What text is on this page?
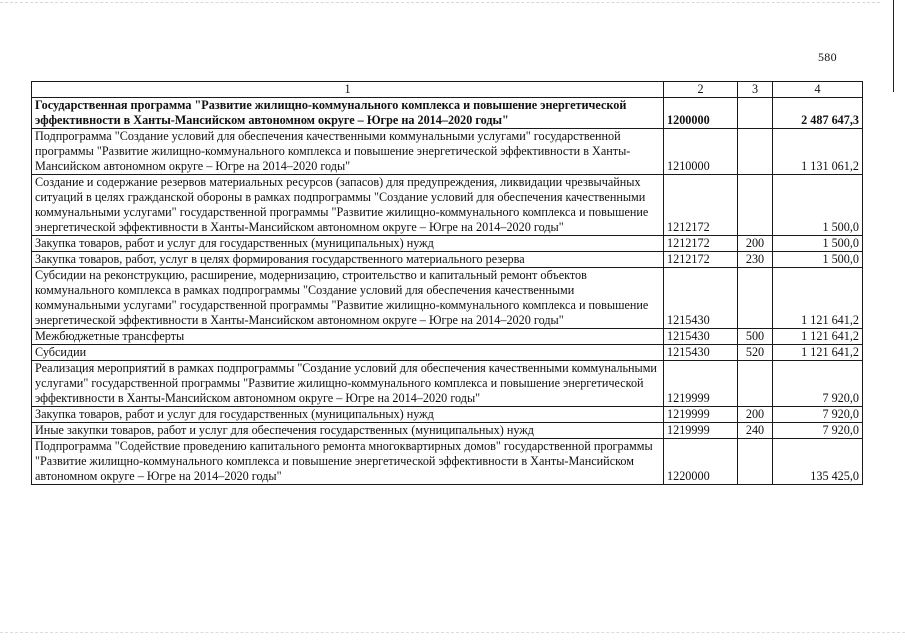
580
1	2	3	4
Государственная программа "Развитие жилищно-коммунального комплекса и повышение энергетической эффективности в Ханты-Мансийском автономном округе – Югре на 2014–2020 годы"	1200000		2 487 647,3
Подпрограмма "Создание условий для обеспечения качественными коммунальными услугами" государственной программы "Развитие жилищно-коммунального комплекса и повышение энергетической эффективности в Ханты-Мансийском автономном округе – Югре на 2014–2020 годы"	1210000		1 131 061,2
Создание и содержание резервов материальных ресурсов (запасов) для предупреждения, ликвидации чрезвычайных ситуаций в целях гражданской обороны в рамках подпрограммы "Создание условий для обеспечения качественными коммунальными услугами" государственной программы "Развитие жилищно-коммунального комплекса и повышение энергетической эффективности в Ханты-Мансийском автономном округе – Югре на 2014–2020 годы"	1212172		1 500,0
Закупка товаров, работ и услуг для государственных (муниципальных) нужд	1212172	200	1 500,0
Закупка товаров, работ, услуг в целях формирования государственного материального резерва	1212172	230	1 500,0
Субсидии на реконструкцию, расширение, модернизацию, строительство и капитальный ремонт объектов коммунального комплекса в рамках подпрограммы "Создание условий для обеспечения качественными коммунальными услугами" государственной программы "Развитие жилищно-коммунального комплекса и повышение энергетической эффективности в Ханты-Мансийском автономном округе – Югре на 2014–2020 годы"	1215430		1 121 641,2
Межбюджетные трансферты	1215430	500	1 121 641,2
Субсидии	1215430	520	1 121 641,2
Реализация мероприятий в рамках подпрограммы "Создание условий для обеспечения качественными коммунальными услугами" государственной программы "Развитие жилищно-коммунального комплекса и повышение энергетической эффективности в Ханты-Мансийском автономном округе – Югре на 2014–2020 годы"	1219999		7 920,0
Закупка товаров, работ и услуг для государственных (муниципальных) нужд	1219999	200	7 920,0
Иные закупки товаров, работ и услуг для обеспечения государственных (муниципальных) нужд	1219999	240	7 920,0
Подпрограмма "Содействие проведению капитального ремонта многоквартирных домов" государственной программы "Развитие жилищно-коммунального комплекса и повышение энергетической эффективности в Ханты-Мансийском автономном округе – Югре на 2014–2020 годы"	1220000		135 425,0
